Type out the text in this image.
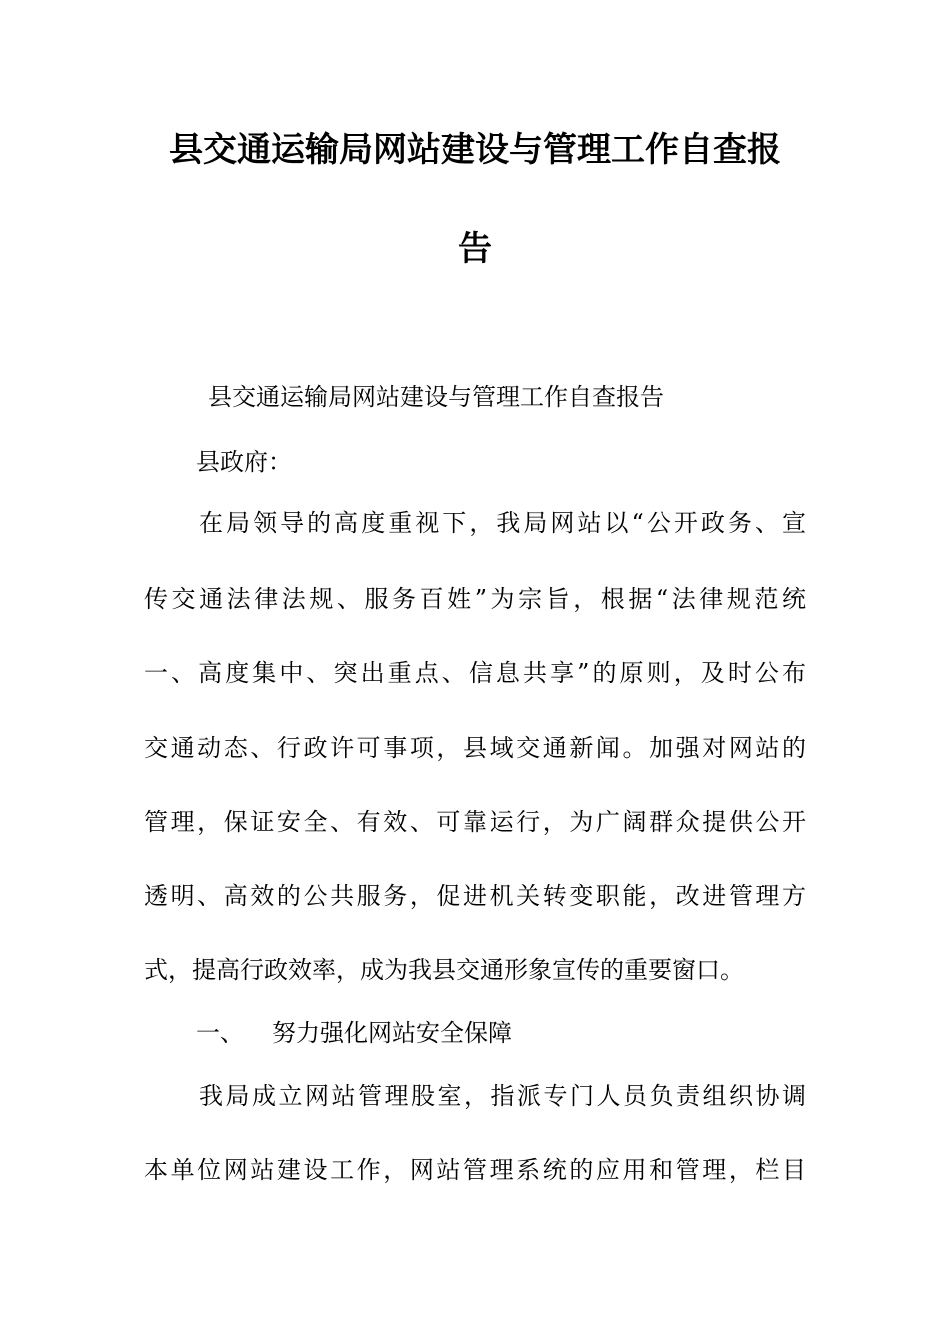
县交通运输局网站建设与管理工作自查报
告

县交通运输局网站建设与管理工作自查报告

县政府：

在局领导的高度重视下，我局网站以“公开政务、宣

传交通法律法规、服务百姓”为宗旨，根据“法律规范统

一、高度集中、突出重点、信息共享”的原则，及时公布

交通动态、行政许可事项，县域交通新闻。加强对网站的

管理，保证安全、有效、可靠运行，为广阔群众提供公开

透明、高效的公共服务，促进机关转变职能，改进管理方

式，提高行政效率，成为我县交通形象宣传的重要窗口。

一、 努力强化网站安全保障

我局成立网站管理股室，指派专门人员负责组织协调

本单位网站建设工作，网站管理系统的应用和管理，栏目
